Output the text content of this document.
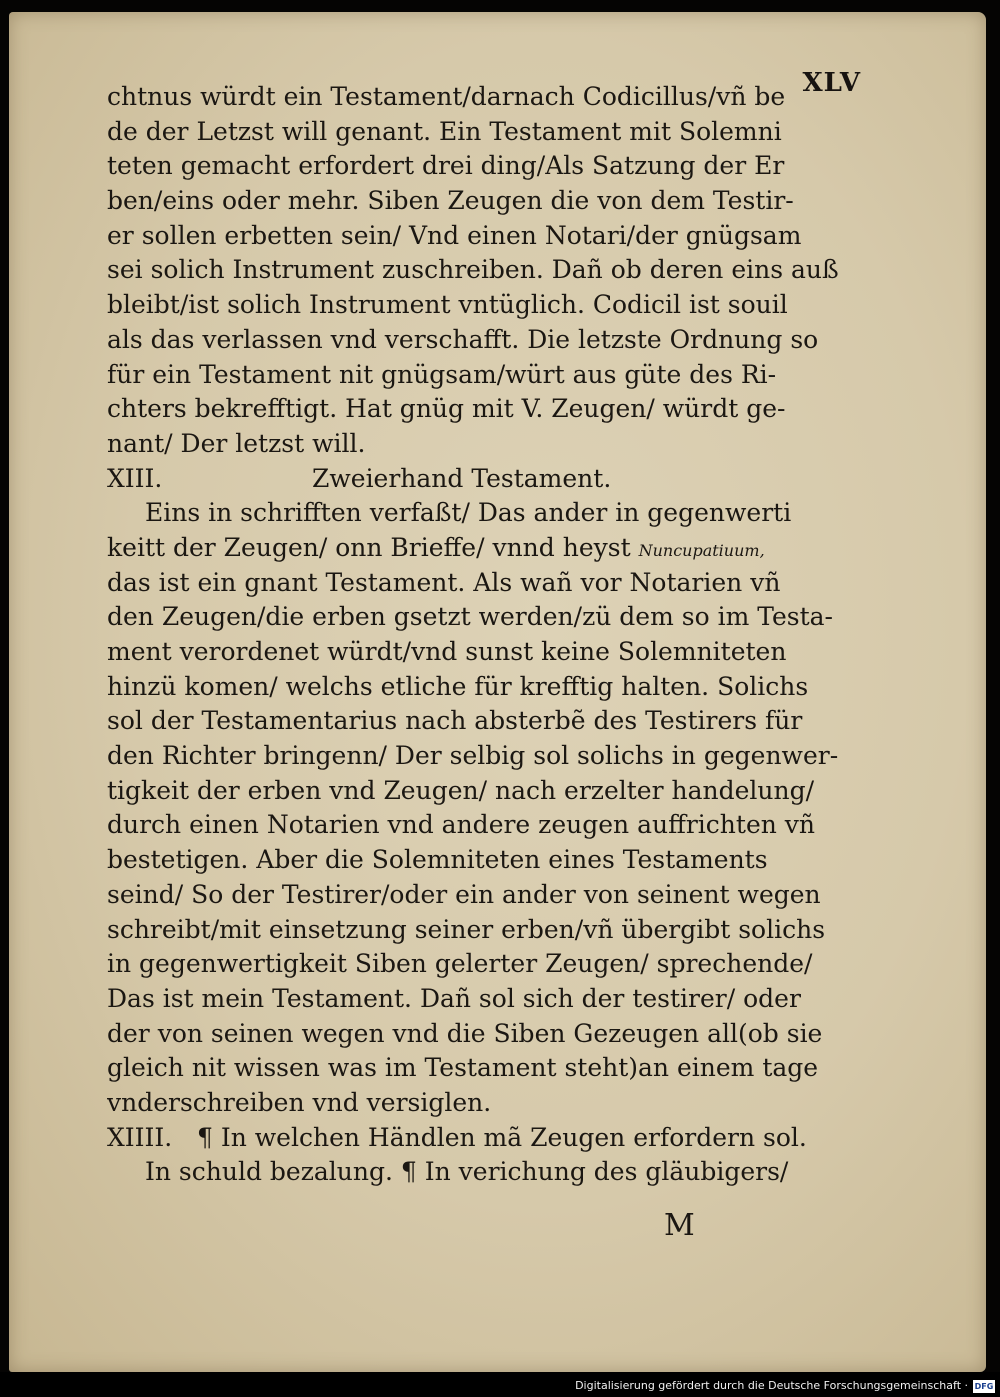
XLV
chtnus würdt ein Testament/darnach Codicillus/vñ be
de der Letzst will genant. Ein Testament mit Solemni
teten gemacht erfordert drei ding/Als Satzung der Er
ben/eins oder mehr. Siben Zeugen die von dem Testir-
er sollen erbetten sein/ Vnd einen Notari/der gnügsam
sei solich Instrument zuschreiben. Dañ ob deren eins auß
bleibt/ist solich Instrument vntüglich. Codicil ist souil
als das verlassen vnd verschafft. Die letzste Ordnung so
für ein Testament nit gnügsam/würt aus güte des Ri-
chters bekrefftigt. Hat gnüg mit V. Zeugen/ würdt ge-
nant/ Der letzst will.
XIII.	Zweierhand Testament.
Eins in schrifften verfaßt/ Das ander in gegenwerti
keitt der Zeugen/ onn Brieffe/ vnnd heyst Nuncupatiuum,
das ist ein gnant Testament. Als wañ vor Notarien vñ
den Zeugen/die erben gsetzt werden/zü dem so im Testa-
ment verordenet würdt/vnd sunst keine Solemniteten
hinzü komen/ welchs etliche für krefftig halten. Solichs
sol der Testamentarius nach absterbẽ des Testirers für
den Richter bringenn/ Der selbig sol solichs in gegenwer-
tigkeit der erben vnd Zeugen/ nach erzelter handelung/
durch einen Notarien vnd andere zeugen auffrichten vñ
bestetigen. Aber die Solemniteten eines Testaments
seind/ So der Testirer/oder ein ander von seinent wegen
schreibt/mit einsetzung seiner erben/vñ übergibt solichs
in gegenwertigkeit Siben gelerter Zeugen/ sprechende/
Das ist mein Testament. Dañ sol sich der testirer/ oder
der von seinen wegen vnd die Siben Gezeugen all(ob sie
gleich nit wissen was im Testament steht)an einem tage
vnderschreiben vnd versiglen.
XIIII. ¶ In welchen Händlen mã Zeugen erfordern sol.
In schuld bezalung. ¶ In verichung des gläubigers/
M
Digitalisierung gefördert durch die Deutsche Forschungsgemeinschaft · DFG
